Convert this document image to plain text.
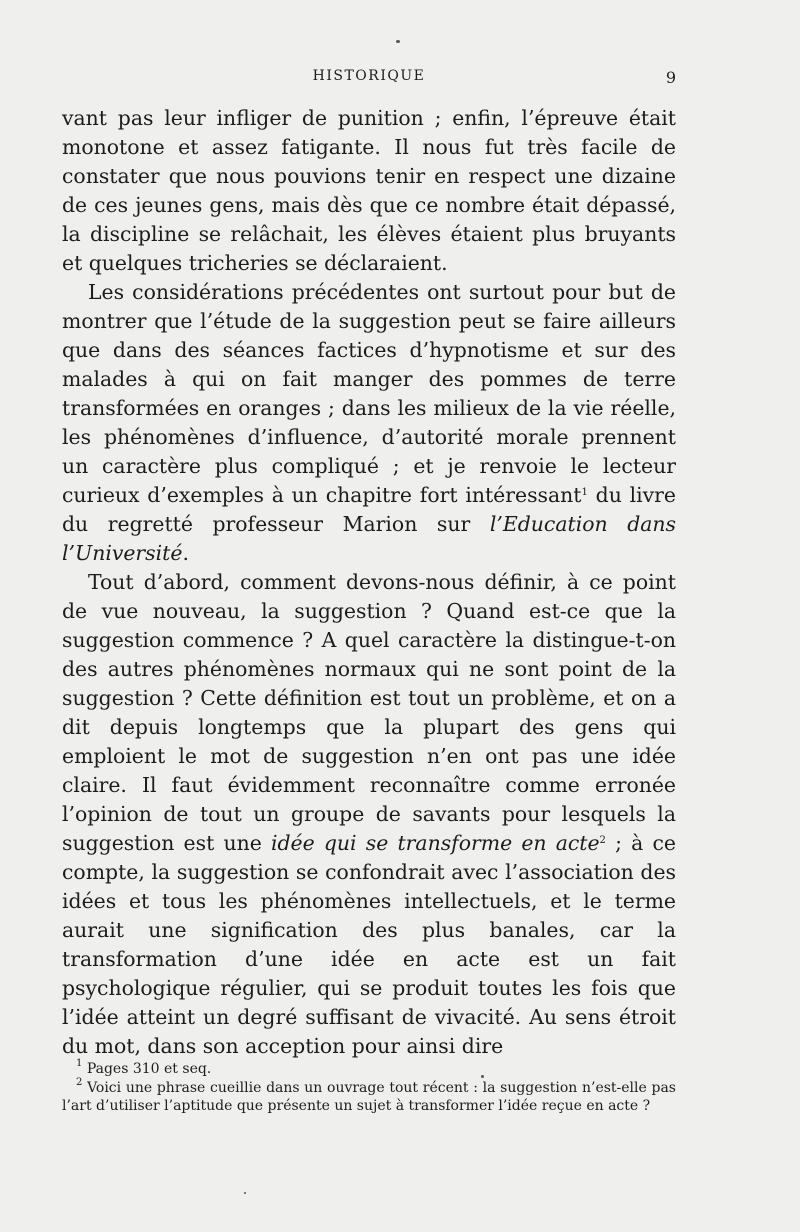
HISTORIQUE	9

vant pas leur infliger de punition ; enfin, l’épreuve était monotone et assez fatigante. Il nous fut très facile de constater que nous pouvions tenir en respect une dizaine de ces jeunes gens, mais dès que ce nombre était dépassé, la discipline se relâchait, les élèves étaient plus bruyants et quelques tricheries se déclaraient.

Les considérations précédentes ont surtout pour but de montrer que l’étude de la suggestion peut se faire ailleurs que dans des séances factices d’hypnotisme et sur des malades à qui on fait manger des pommes de terre transformées en oranges ; dans les milieux de la vie réelle, les phénomènes d’influence, d’autorité morale prennent un caractère plus compliqué ; et je renvoie le lecteur curieux d’exemples à un chapitre fort intéressant$^1$ du livre du regretté professeur Marion sur l’Education dans l’Université.

Tout d’abord, comment devons-nous définir, à ce point de vue nouveau, la suggestion ? Quand est-ce que la suggestion commence ? A quel caractère la distingue-t-on des autres phénomènes normaux qui ne sont point de la suggestion ? Cette définition est tout un problème, et on a dit depuis longtemps que la plupart des gens qui emploient le mot de suggestion n’en ont pas une idée claire. Il faut évidemment reconnaître comme erronée l’opinion de tout un groupe de savants pour lesquels la suggestion est une idée qui se transforme en acte$^2$ ; à ce compte, la suggestion se confondrait avec l’association des idées et tous les phénomènes intellectuels, et le terme aurait une signification des plus banales, car la transformation d’une idée en acte est un fait psychologique régulier, qui se produit toutes les fois que l’idée atteint un degré suffisant de vivacité. Au sens étroit du mot, dans son acception pour ainsi dire

$^1$ Pages 310 et seq.

$^2$ Voici une phrase cueillie dans un ouvrage tout récent : la suggestion n’est-elle pas l’art d’utiliser l’aptitude que présente un sujet à transformer l’idée reçue en acte ?
